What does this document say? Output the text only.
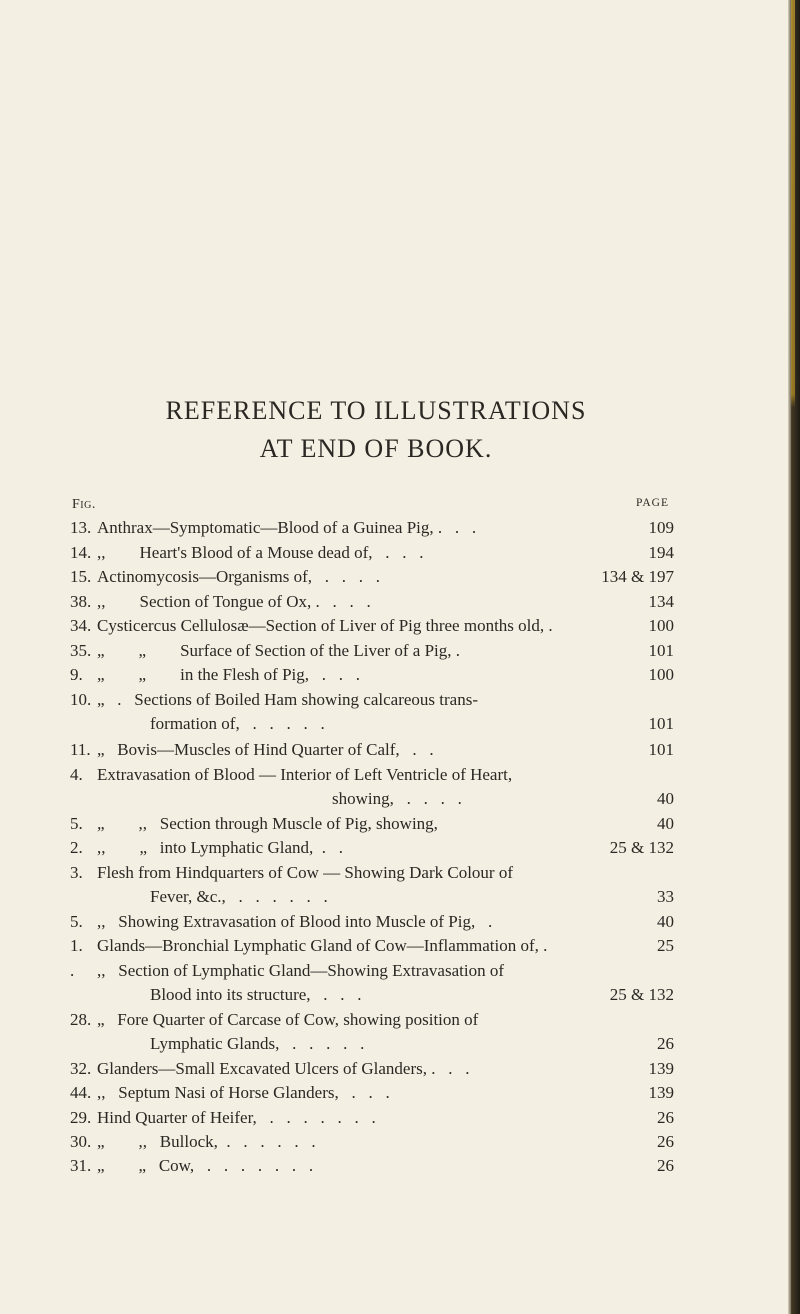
REFERENCE TO ILLUSTRATIONS
AT END OF BOOK.
Fig.	PAGE
13. Anthrax—Symptomatic—Blood of a Guinea Pig, .   .   .	109
14. ,,        Heart's Blood of a Mouse dead of,   .   .   .	194
15. Actinomycosis—Organisms of,   .   .   .   .	134 & 197
38. ,,        Section of Tongue of Ox, .   .   .   .	134
34. Cysticercus Cellulosæ—Section of Liver of Pig three months old, .	100
35. „        „        Surface of Section of the Liver of a Pig, .	101
9. „        „        in the Flesh of Pig,   .   .   .	100
10. „   .   Sections of Boiled Ham showing calcareous trans-
formation of,   .   .   .   .   .	101
11. „   Bovis—Muscles of Hind Quarter of Calf,   .   .	101
4. Extravasation of Blood — Interior of Left Ventricle of Heart,
showing,   .   .   .   .	40
5. „        ,,   Section through Muscle of Pig, showing,	40
2. ,,        „   into Lymphatic Gland,  .   .	25 & 132
3. Flesh from Hindquarters of Cow — Showing Dark Colour of
Fever, &c.,   .   .   .   .   .   .	33
5. ,,   Showing Extravasation of Blood into Muscle of Pig,   .	40
1. Glands—Bronchial Lymphatic Gland of Cow—Inflammation of, .	25
. ,,   Section of Lymphatic Gland—Showing Extravasation of
Blood into its structure,   .   .   .	25 & 132
28. „   Fore Quarter of Carcase of Cow, showing position of
Lymphatic Glands,   .   .   .   .   .	26
32. Glanders—Small Excavated Ulcers of Glanders, .   .   .	139
44. ,,   Septum Nasi of Horse Glanders,   .   .   .	139
29. Hind Quarter of Heifer,   .   .   .   .   .   .   .	26
30. „        ,,   Bullock,  .   .   .   .   .   .	26
31. „        „   Cow,   .   .   .   .   .   .   .	26
